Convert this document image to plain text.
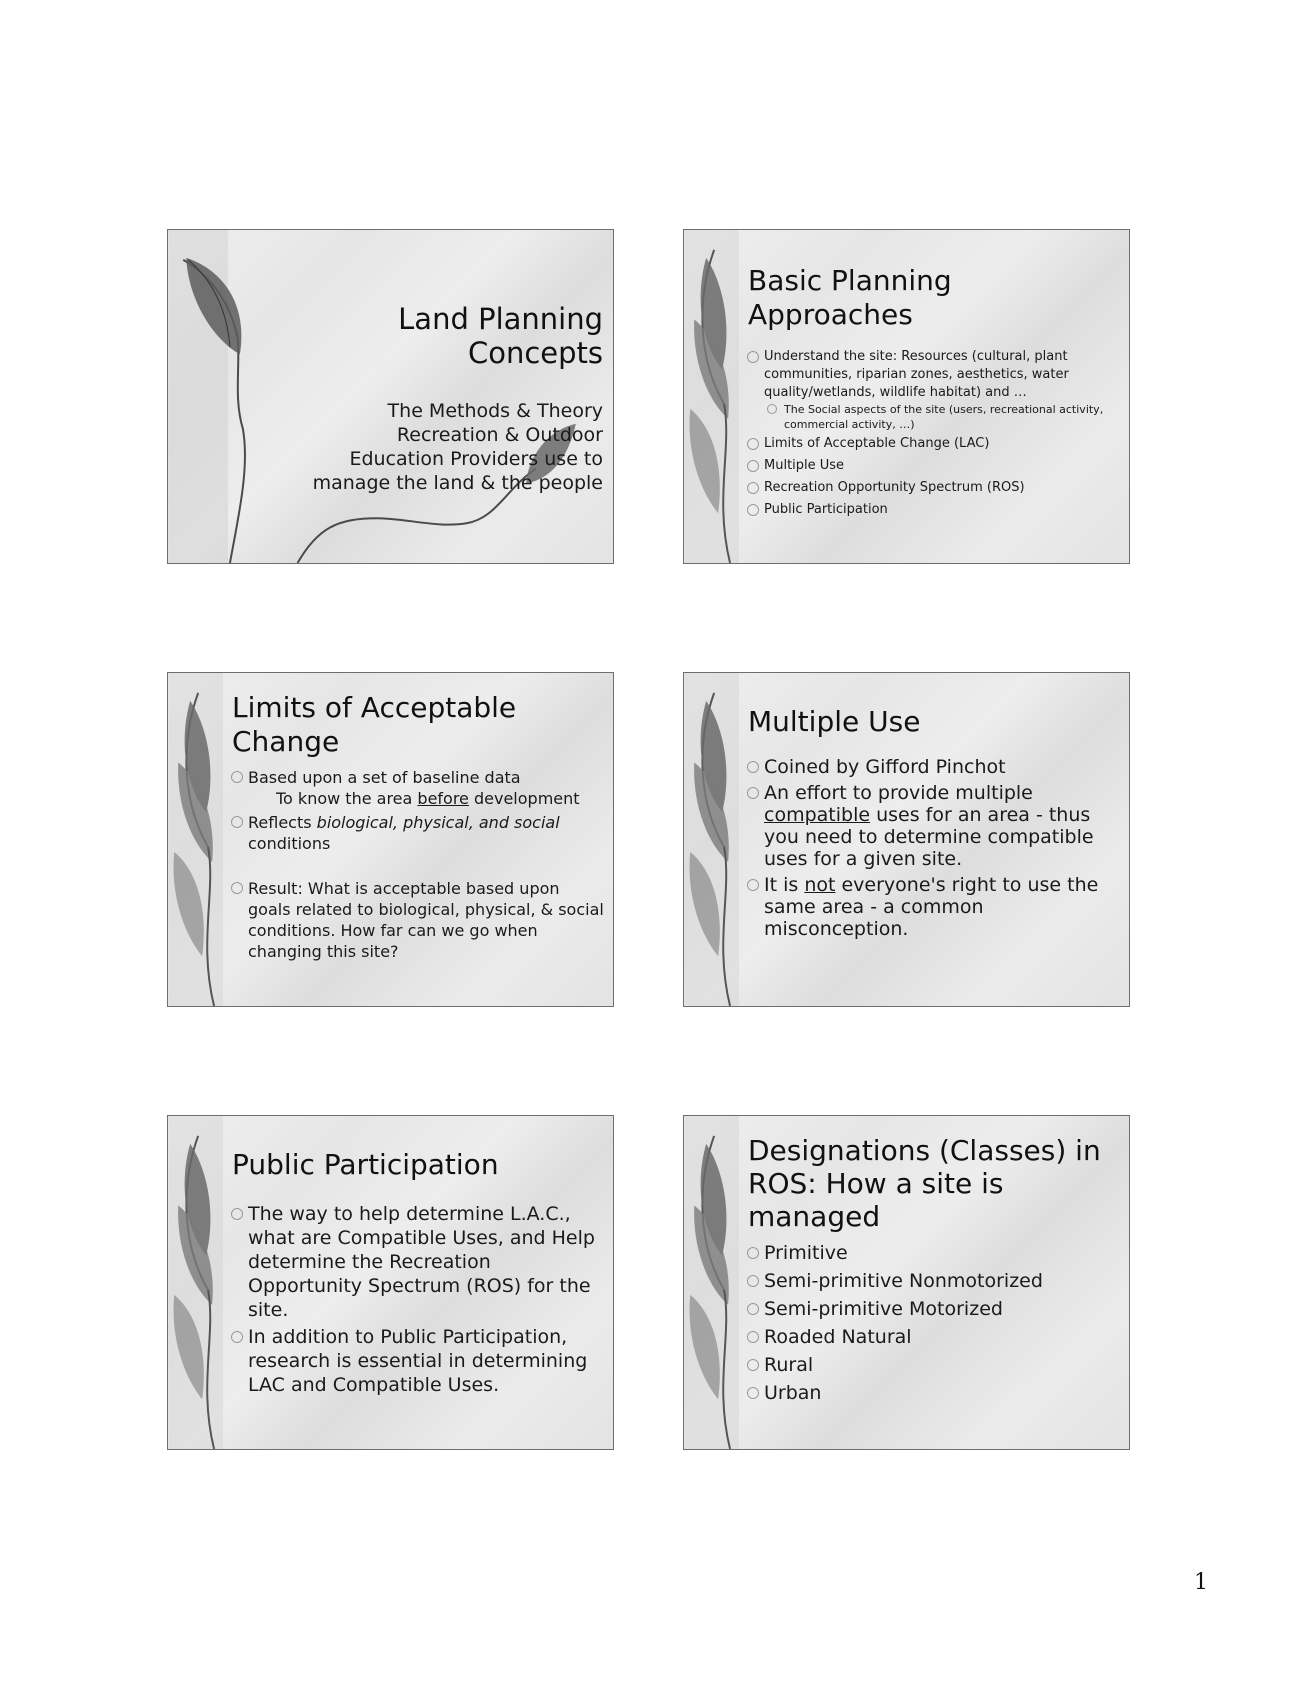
Land Planning Concepts
The Methods & Theory
Recreation & Outdoor
Education Providers use to
manage the land & the people
Basic Planning Approaches
Understand the site: Resources (cultural, plant communities, riparian zones, aesthetics, water quality/wetlands, wildlife habitat) and …
The Social aspects of the site (users, recreational activity, commercial activity, …)
Limits of Acceptable Change (LAC)
Multiple Use
Recreation Opportunity Spectrum (ROS)
Public Participation
Limits of Acceptable Change
Based upon a set of baseline data
To know the area before development
Reflects biological, physical, and social conditions
Result: What is acceptable based upon goals related to biological, physical, & social conditions. How far can we go when changing this site?
Multiple Use
Coined by Gifford Pinchot
An effort to provide multiple compatible uses for an area - thus you need to determine compatible uses for a given site.
It is not everyone's right to use the same area - a common misconception.
Public Participation
The way to help determine L.A.C., what are Compatible Uses, and Help determine the Recreation Opportunity Spectrum (ROS) for the site.
In addition to Public Participation, research is essential in determining LAC and Compatible Uses.
Designations (Classes) in
ROS: How a site is managed
Primitive
Semi-primitive Nonmotorized
Semi-primitive Motorized
Roaded Natural
Rural
Urban
1
